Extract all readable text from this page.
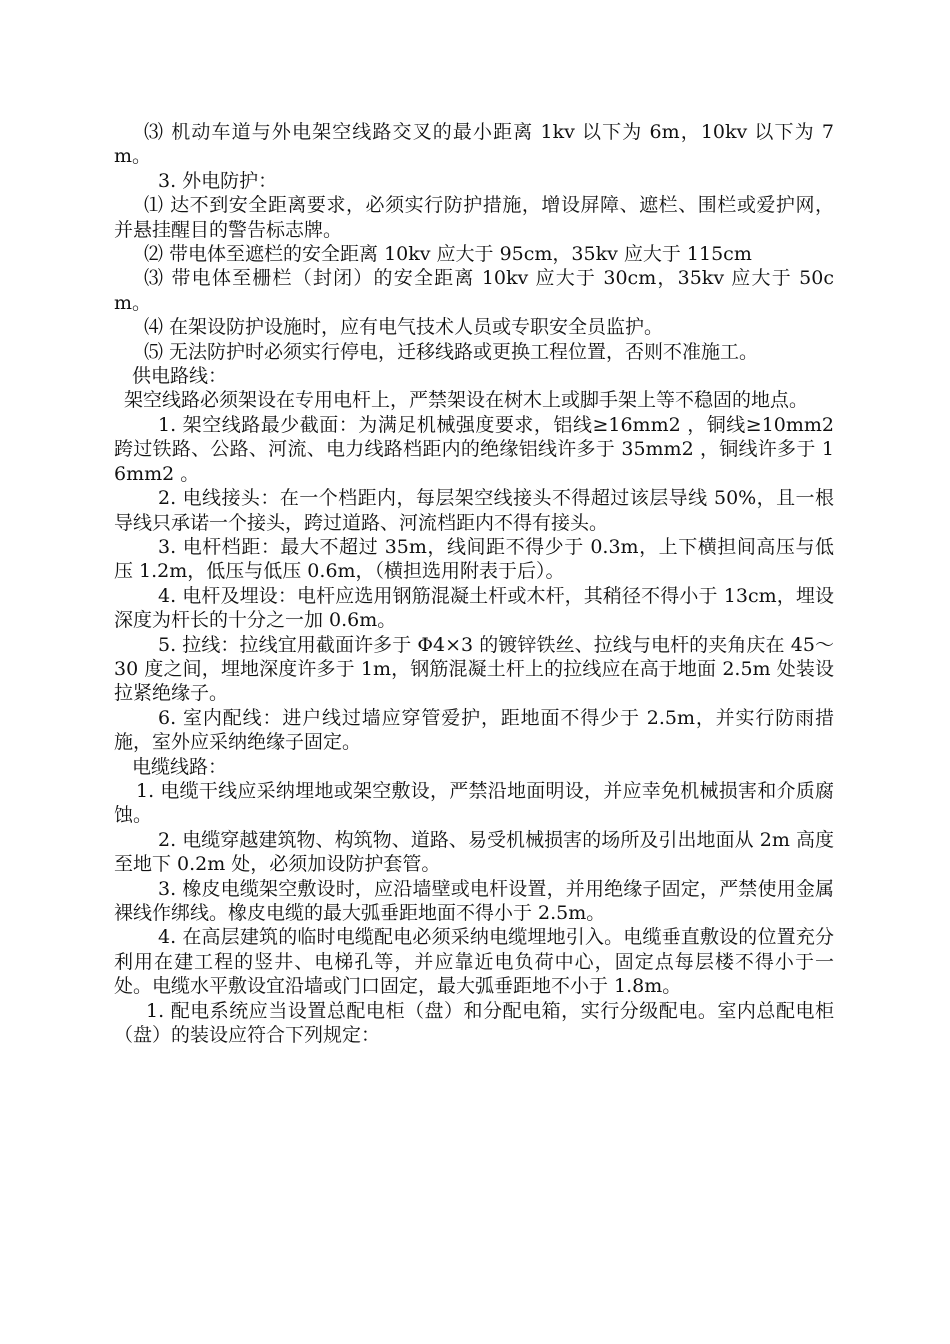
⑶ 机动车道与外电架空线路交叉的最小距离 1kv 以下为 6m，10kv 以下为 7m。

3. 外电防护：

⑴ 达不到安全距离要求，必须实行防护措施，增设屏障、遮栏、围栏或爱护网，并悬挂醒目的警告标志牌。

⑵ 带电体至遮栏的安全距离 10kv 应大于 95cm，35kv 应大于 115cm

⑶ 带电体至栅栏（封闭）的安全距离 10kv 应大于 30cm，35kv 应大于 50cm。

⑷ 在架设防护设施时，应有电气技术人员或专职安全员监护。

⑸ 无法防护时必须实行停电，迁移线路或更换工程位置，否则不准施工。

供电路线：

架空线路必须架设在专用电杆上，严禁架设在树木上或脚手架上等不稳固的地点。

1. 架空线路最少截面：为满足机械强度要求，铝线≥16mm2 ，铜线≥10mm2 跨过铁路、公路、河流、电力线路档距内的绝缘铝线许多于 35mm2 ，铜线许多于 16mm2 。

2. 电线接头：在一个档距内，每层架空线接头不得超过该层导线 50%，且一根导线只承诺一个接头，跨过道路、河流档距内不得有接头。

3. 电杆档距：最大不超过 35m，线间距不得少于 0.3m，上下横担间高压与低压 1.2m，低压与低压 0.6m，（横担选用附表于后）。

4. 电杆及埋设：电杆应选用钢筋混凝土杆或木杆，其稍径不得小于 13cm，埋设深度为杆长的十分之一加 0.6m。

5. 拉线：拉线宜用截面许多于 Φ4×3 的镀锌铁丝、拉线与电杆的夹角庆在 45～30 度之间，埋地深度许多于 1m，钢筋混凝土杆上的拉线应在高于地面 2.5m 处装设拉紧绝缘子。

6. 室内配线：进户线过墙应穿管爱护，距地面不得少于 2.5m，并实行防雨措施，室外应采纳绝缘子固定。

电缆线路：

1. 电缆干线应采纳埋地或架空敷设，严禁沿地面明设，并应幸免机械损害和介质腐蚀。

2. 电缆穿越建筑物、构筑物、道路、易受机械损害的场所及引出地面从 2m 高度至地下 0.2m 处，必须加设防护套管。

3. 橡皮电缆架空敷设时，应沿墙壁或电杆设置，并用绝缘子固定，严禁使用金属裸线作绑线。橡皮电缆的最大弧垂距地面不得小于 2.5m。

4. 在高层建筑的临时电缆配电必须采纳电缆埋地引入。电缆垂直敷设的位置充分利用在建工程的竖井、电梯孔等，并应靠近电负荷中心，固定点每层楼不得小于一处。电缆水平敷设宜沿墙或门口固定，最大弧垂距地不小于 1.8m。

1. 配电系统应当设置总配电柜（盘）和分配电箱，实行分级配电。室内总配电柜（盘）的装设应符合下列规定：
